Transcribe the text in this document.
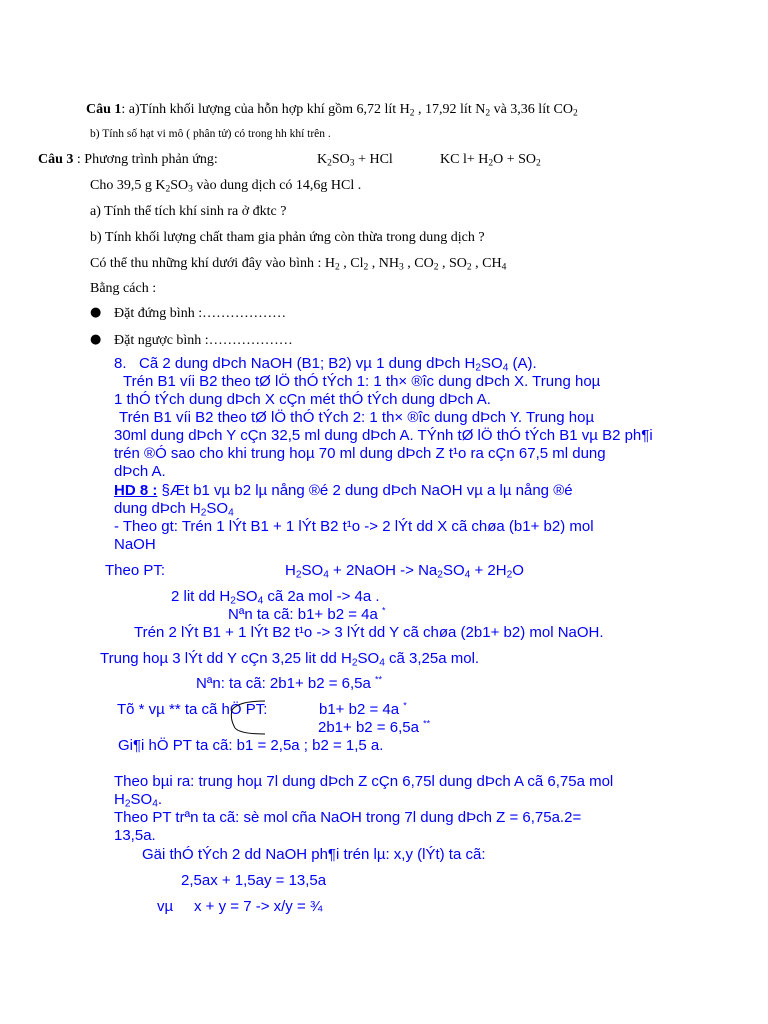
Câu 1: a)Tính khối lượng của hỗn hợp khí gồm 6,72 lít $H_2$ , 17,92 lít $N_2$ và 3,36 lít $CO_2$
b) Tính số hạt vi mô ( phân tử) có trong hh khí trên .
Câu 3 : Phương trình phản ứng:	$K_2SO_3$ + HCl	KC $l+ H_2O + SO_2$
Cho 39,5 g $K_2SO_3$ vào dung dịch có 14,6g HCl .
a) Tính thể tích khí sinh ra ở đktc ?
b) Tính khối lượng chất tham gia phản ứng còn thừa trong dung dịch ?
Có thể thu những khí dưới đây vào bình : $H_2$ , $Cl_2$ , $NH_3$ , $CO_2$ , $SO_2$ , $CH_4$
Bằng cách :
● Đặt đứng bình :………………
● Đặt ngược bình :………………
8. Cã 2 dung dÞch NaOH (B1; B2) vµ 1 dung dÞch $H_2SO_4$ (A).
Trén B1 víi B2 theo tØ lÖ thÓ tÝch 1: 1 th× ®îc dung dÞch X. Trung hoµ
1 thÓ tÝch dung dÞch X cÇn mét thÓ tÝch dung dÞch A.
Trén B1 víi B2 theo tØ lÖ thÓ tÝch 2: 1 th× ®îc dung dÞch Y. Trung hoµ
30ml dung dÞch Y cÇn 32,5 ml dung dÞch A. TÝnh tØ lÖ thÓ tÝch B1 vµ B2 ph¶i
trén ®Ó sao cho khi trung hoµ 70 ml dung dÞch Z t¹o ra cÇn 67,5 ml dung
dÞch A.
HD 8 : §Æt b1 vµ b2 lµ nång ®é 2 dung dÞch NaOH vµ a lµ nång ®é
dung dÞch $H_2SO_4$
- Theo gt: Trén 1 lÝt B1 + 1 lÝt B2 t¹o -> 2 lÝt dd X cã chøa (b1+ b2) mol
NaOH
Theo PT:	$H_2SO_4$ + 2NaOH -> $Na_2SO_4 + 2H_2O$
2 lit dd $H_2SO_4$ cã 2a mol -> 4a .
Nªn ta cã: b1+ b2 = 4a *
Trén 2 lÝt B1 + 1 lÝt B2 t¹o -> 3 lÝt dd Y cã chøa (2b1+ b2) mol NaOH.
Trung hoµ 3 lÝt dd Y cÇn 3,25 lit dd $H_2SO_4$ cã 3,25a mol.
Nªn: ta cã: 2b1+ b2 = 6,5a **
Tõ * vµ ** ta cã hÖ PT:	b1+ b2 = 4a *
2b1+ b2 = 6,5a **
Gi¶i hÖ PT ta cã: b1 = 2,5a ; b2 = 1,5 a.
Theo bµi ra: trung hoµ 7l dung dÞch Z cÇn 6,75l dung dÞch A cã 6,75a mol
$H_2SO_4$.
Theo PT trªn ta cã: sè mol cña NaOH trong 7l dung dÞch Z = 6,75a.2=
13,5a.
Gäi thÓ tÝch 2 dd NaOH ph¶i trén lµ: x,y (lÝt) ta cã:
2,5ax + 1,5ay = 13,5a
vµ x + y = 7 -> x/y = ¾
